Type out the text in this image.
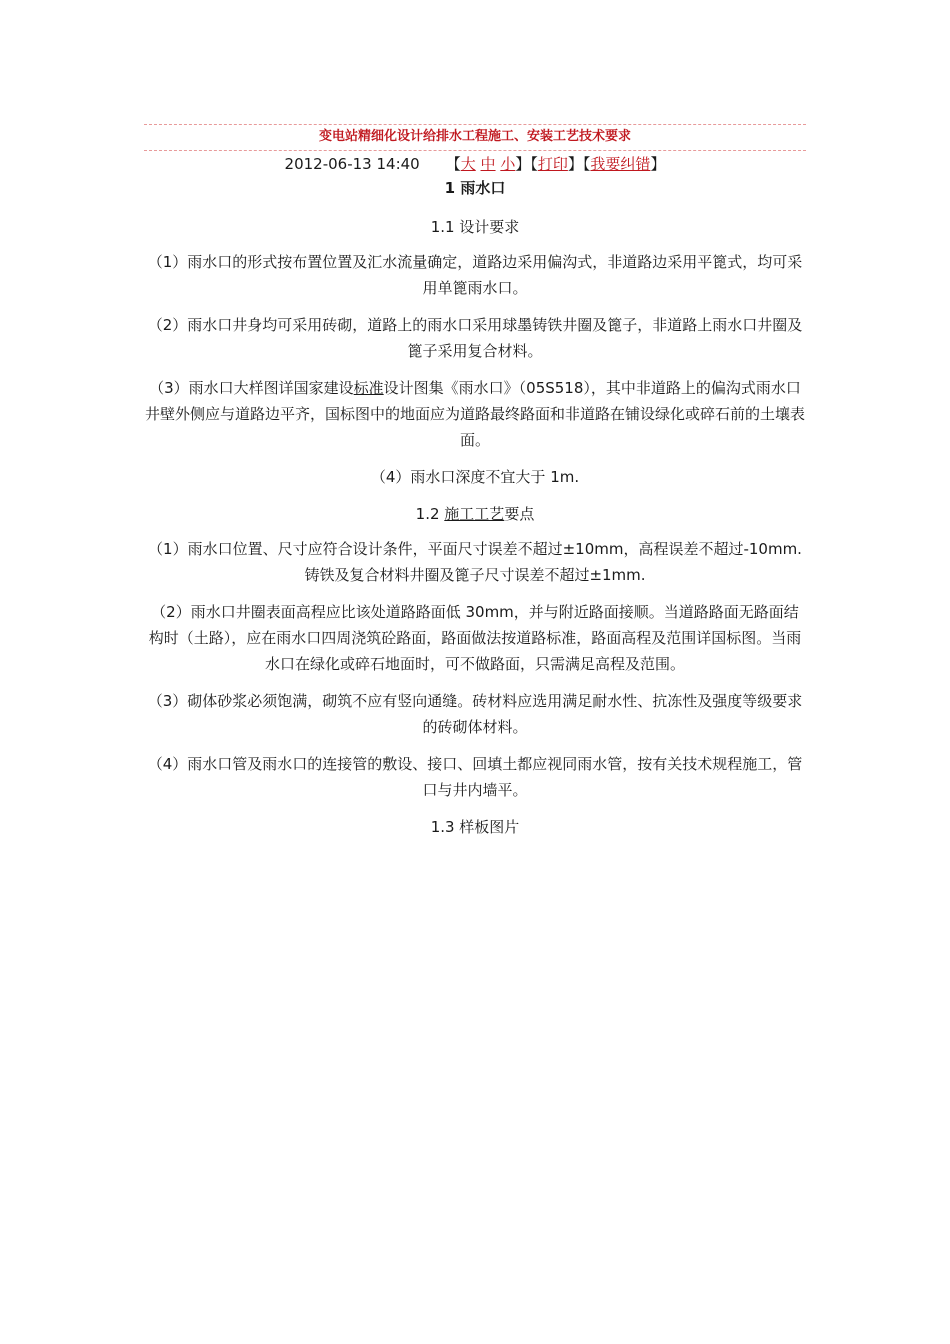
变电站精细化设计给排水工程施工、安装工艺技术要求
2012-06-13 14:40 【大 中 小】【打印】【我要纠错】
1 雨水口

1.1 设计要求

（1）雨水口的形式按布置位置及汇水流量确定，道路边采用偏沟式，非道路边采用平篦式，均可采用单篦雨水口。

（2）雨水口井身均可采用砖砌，道路上的雨水口采用球墨铸铁井圈及篦子，非道路上雨水口井圈及篦子采用复合材料。

（3）雨水口大样图详国家建设标准设计图集《雨水口》（05S518），其中非道路上的偏沟式雨水口井壁外侧应与道路边平齐，国标图中的地面应为道路最终路面和非道路在铺设绿化或碎石前的土壤表面。

（4）雨水口深度不宜大于 1m.

1.2 施工工艺要点

（1）雨水口位置、尺寸应符合设计条件，平面尺寸误差不超过±10mm，高程误差不超过-10mm.铸铁及复合材料井圈及篦子尺寸误差不超过±1mm.

（2）雨水口井圈表面高程应比该处道路路面低 30mm，并与附近路面接顺。当道路路面无路面结构时（土路），应在雨水口四周浇筑砼路面，路面做法按道路标准，路面高程及范围详国标图。当雨水口在绿化或碎石地面时，可不做路面，只需满足高程及范围。

（3）砌体砂浆必须饱满，砌筑不应有竖向通缝。砖材料应选用满足耐水性、抗冻性及强度等级要求的砖砌体材料。

（4）雨水口管及雨水口的连接管的敷设、接口、回填土都应视同雨水管，按有关技术规程施工，管口与井内墙平。

1.3 样板图片
